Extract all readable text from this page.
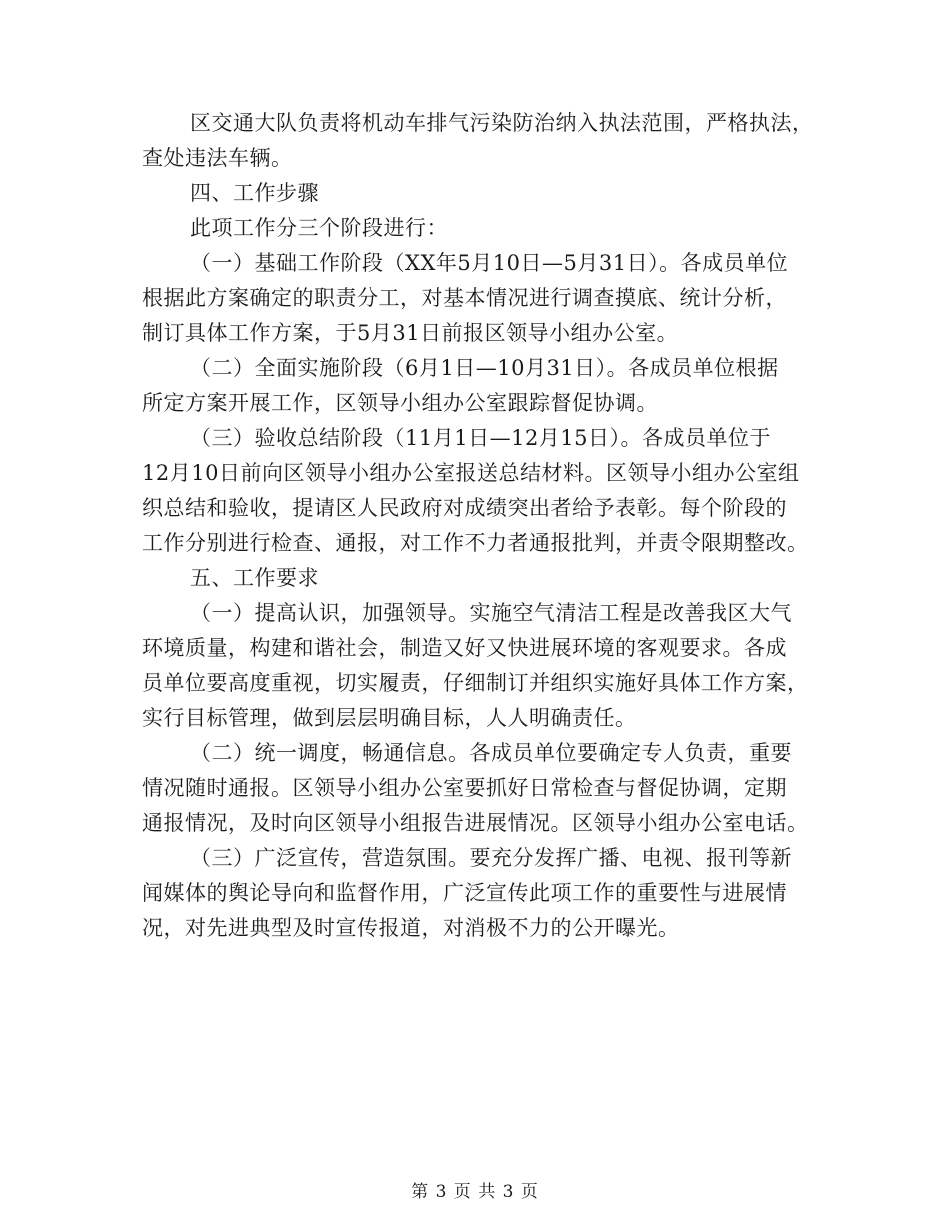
区交通大队负责将机动车排气污染防治纳入执法范围，严格执法，
查处违法车辆。
四、工作步骤
此项工作分三个阶段进行：
（一）基础工作阶段（XX年5月10日—5月31日）。各成员单位
根据此方案确定的职责分工，对基本情况进行调查摸底、统计分析，
制订具体工作方案，于5月31日前报区领导小组办公室。
（二）全面实施阶段（6月1日—10月31日）。各成员单位根据
所定方案开展工作，区领导小组办公室跟踪督促协调。
（三）验收总结阶段（11月1日—12月15日）。各成员单位于
12月10日前向区领导小组办公室报送总结材料。区领导小组办公室组
织总结和验收，提请区人民政府对成绩突出者给予表彰。每个阶段的
工作分别进行检查、通报，对工作不力者通报批判，并责令限期整改。
五、工作要求
（一）提高认识，加强领导。实施空气清洁工程是改善我区大气
环境质量，构建和谐社会，制造又好又快进展环境的客观要求。各成
员单位要高度重视，切实履责，仔细制订并组织实施好具体工作方案，
实行目标管理，做到层层明确目标，人人明确责任。
（二）统一调度，畅通信息。各成员单位要确定专人负责，重要
情况随时通报。区领导小组办公室要抓好日常检查与督促协调，定期
通报情况，及时向区领导小组报告进展情况。区领导小组办公室电话。
（三）广泛宣传，营造氛围。要充分发挥广播、电视、报刊等新
闻媒体的舆论导向和监督作用，广泛宣传此项工作的重要性与进展情
况，对先进典型及时宣传报道，对消极不力的公开曝光。
第 3 页 共 3 页
